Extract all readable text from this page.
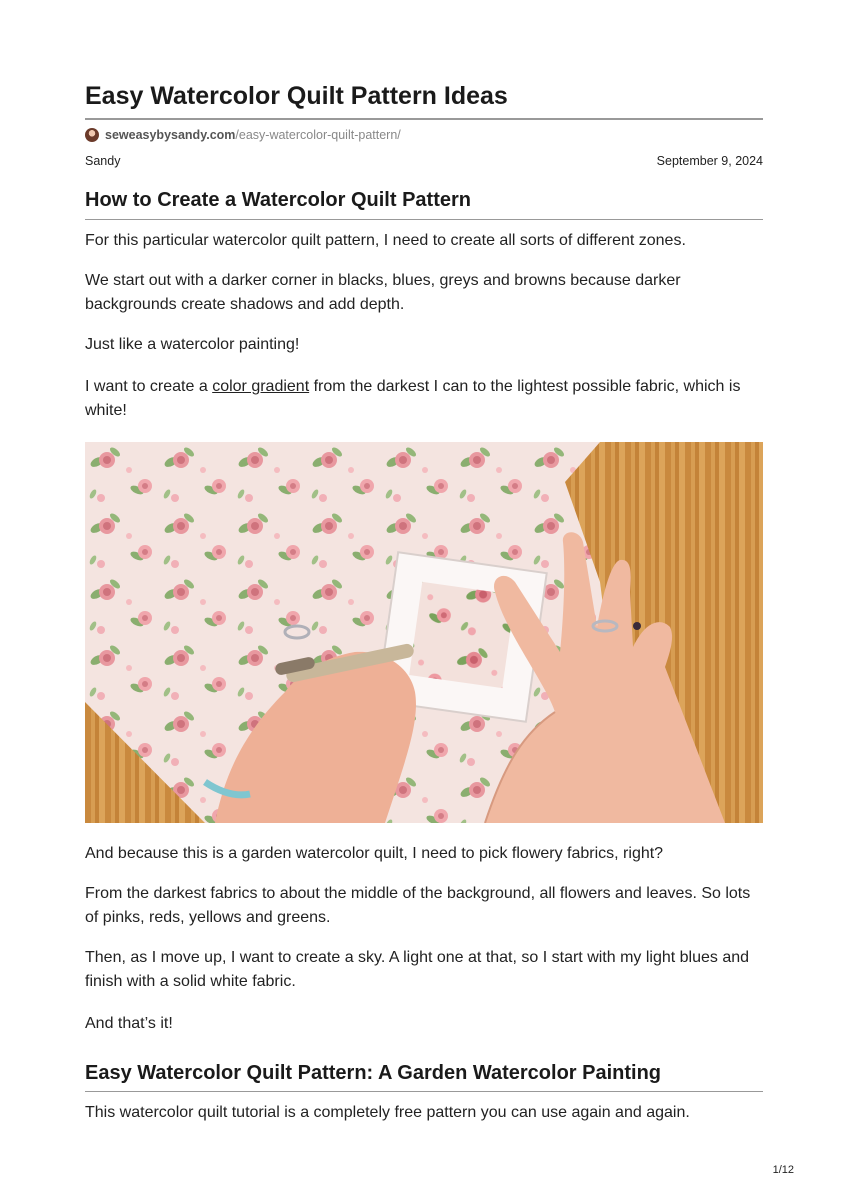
Easy Watercolor Quilt Pattern Ideas
seweasybysandy.com /easy-watercolor-quilt-pattern/
Sandy	September 9, 2024
How to Create a Watercolor Quilt Pattern

For this particular watercolor quilt pattern, I need to create all sorts of different zones.

We start out with a darker corner in blacks, blues, greys and browns because darker backgrounds create shadows and add depth.

Just like a watercolor painting!

I want to create a color gradient from the darkest I can to the lightest possible fabric, which is white!

And because this is a garden watercolor quilt, I need to pick flowery fabrics, right?

From the darkest fabrics to about the middle of the background, all flowers and leaves. So lots of pinks, reds, yellows and greens.

Then, as I move up, I want to create a sky. A light one at that, so I start with my light blues and finish with a solid white fabric.

And that’s it!

Easy Watercolor Quilt Pattern: A Garden Watercolor Painting

This watercolor quilt tutorial is a completely free pattern you can use again and again.

1/12
